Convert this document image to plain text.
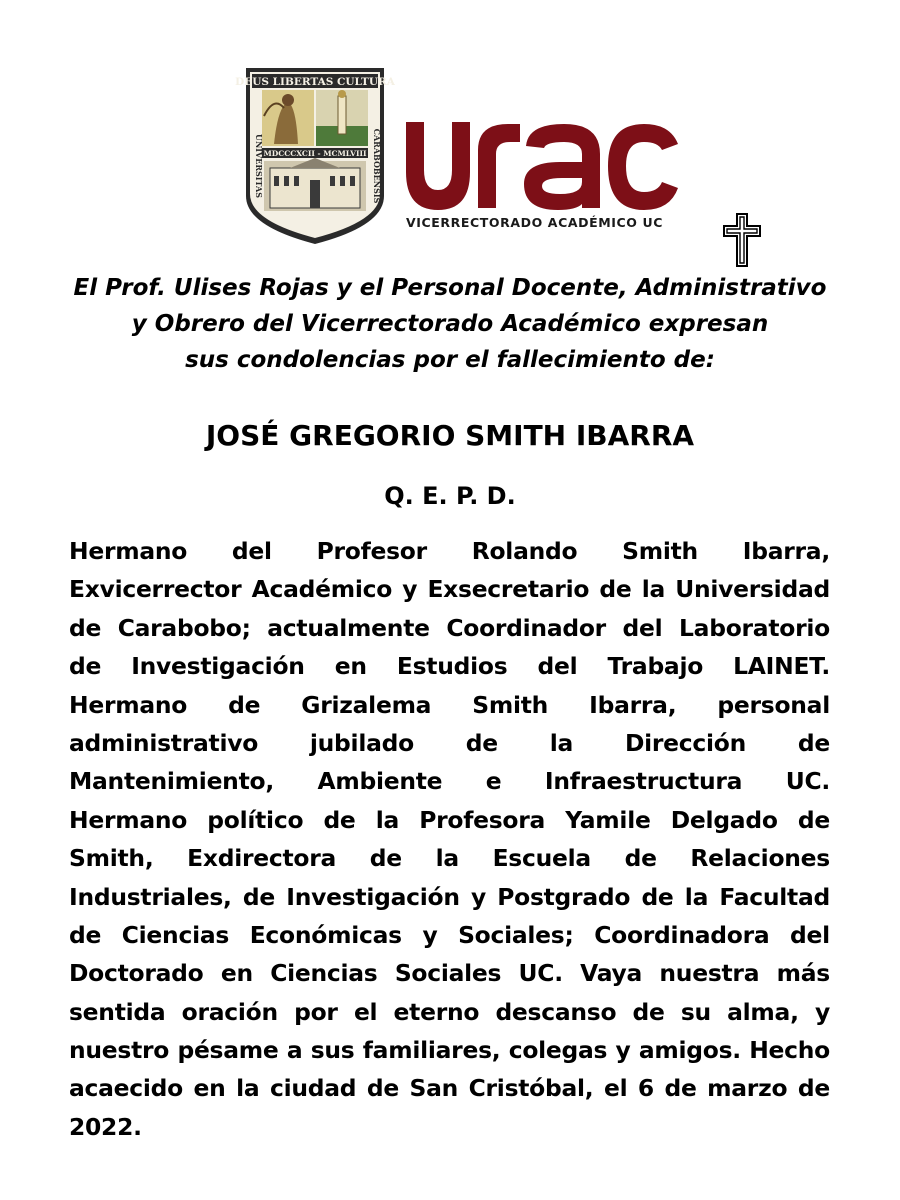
DEUS LIBERTAS CULTURA
MDCCCXCII - MCMLVIII
UNIVERSITAS	CARABOBENSIS
VICERRECTORADO ACADÉMICO UC
El Prof. Ulises Rojas y el Personal Docente, Administrativo
y Obrero del Vicerrectorado Académico expresan
sus condolencias por el fallecimiento de:
JOSÉ GREGORIO SMITH IBARRA
Q. E. P. D.
Hermano del Profesor Rolando Smith Ibarra,
Exvicerrector Académico y Exsecretario de la Universidad
de Carabobo; actualmente Coordinador del Laboratorio
de Investigación en Estudios del Trabajo LAINET.
Hermano de Grizalema Smith Ibarra, personal
administrativo jubilado de la Dirección de
Mantenimiento, Ambiente e Infraestructura UC.
Hermano político de la Profesora Yamile Delgado de
Smith, Exdirectora de la Escuela de Relaciones
Industriales, de Investigación y Postgrado de la Facultad
de Ciencias Económicas y Sociales; Coordinadora del
Doctorado en Ciencias Sociales UC. Vaya nuestra más
sentida oración por el eterno descanso de su alma, y
nuestro pésame a sus familiares, colegas y amigos. Hecho
acaecido en la ciudad de San Cristóbal, el 6 de marzo de
2022.
